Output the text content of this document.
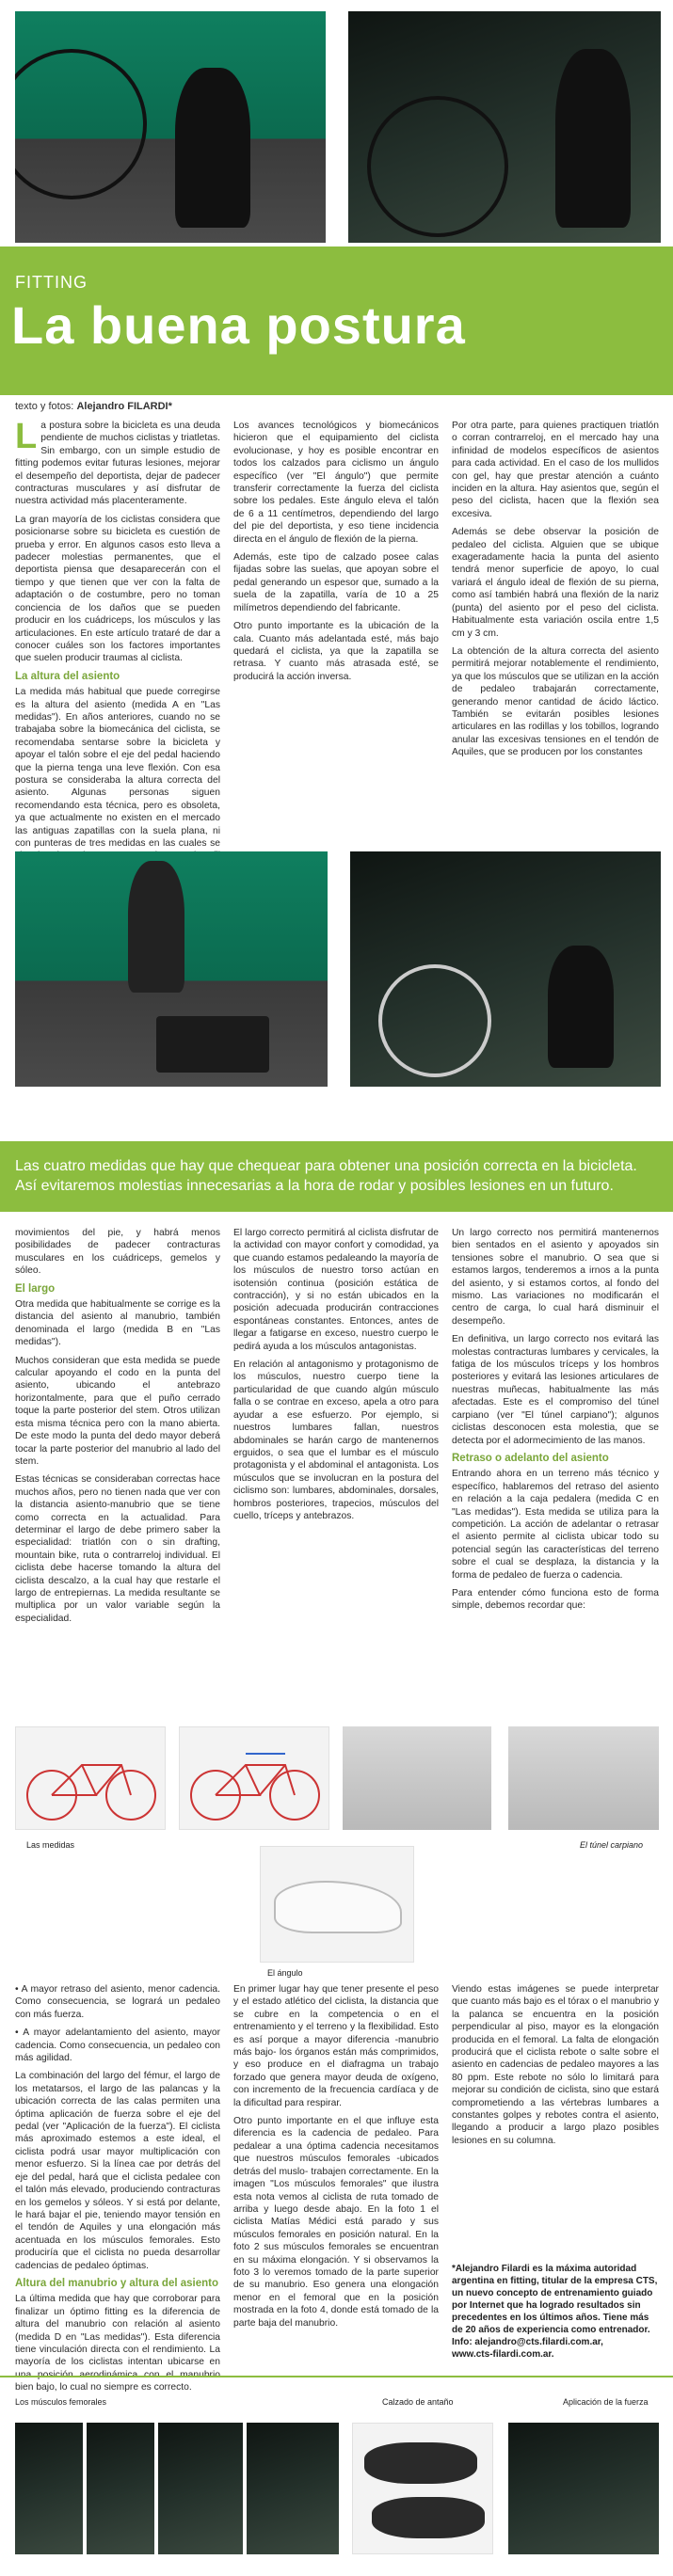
FITTING
La buena postura
texto y fotos: Alejandro FILARDI*

La postura sobre la bicicleta es una deuda pendiente de muchos ciclistas y triatletas. Sin embargo, con un simple estudio de fitting podemos evitar futuras lesiones, mejorar el desempeño del deportista, dejar de padecer contracturas musculares y así disfrutar de nuestra actividad más placenteramente.

La gran mayoría de los ciclistas considera que posicionarse sobre su bicicleta es cuestión de prueba y error. En algunos casos esto lleva a padecer molestias permanentes, que el deportista piensa que desaparecerán con el tiempo y que tienen que ver con la falta de adaptación o de costumbre, pero no toman conciencia de los daños que se pueden producir en los cuádriceps, los músculos y las articulaciones. En este artículo trataré de dar a conocer cuáles son los factores importantes que suelen producir traumas al ciclista.

La altura del asiento

La medida más habitual que puede corregirse es la altura del asiento (medida A en "Las medidas"). En años anteriores, cuando no se trabajaba sobre la biomecánica del ciclista, se recomendaba sentarse sobre la bicicleta y apoyar el talón sobre el eje del pedal haciendo que la pierna tenga una leve flexión. Con esa postura se consideraba la altura correcta del asiento. Algunas personas siguen recomendando esta técnica, pero es obsoleta, ya que actualmente no existen en el mercado las antiguas zapatillas con la suela plana, ni con punteras de tres medidas en las cuales se

Los avances tecnológicos y biomecánicos hicieron que el equipamiento del ciclista evolucionase, y hoy es posible encontrar en todos los calzados para ciclismo un ángulo específico (ver "El ángulo") que permite transferir correctamente la fuerza del ciclista sobre los pedales. Este ángulo eleva el talón de 6 a 11 centímetros, dependiendo del largo del pie del deportista, y eso tiene incidencia directa en el ángulo de flexión de la pierna.

Además, este tipo de calzado posee calas fijadas sobre las suelas, que apoyan sobre el pedal generando un espesor que, sumado a la suela de la zapatilla, varía de 10 a 25 milímetros dependiendo del fabricante.

Otro punto importante es la ubicación de la cala. Cuanto más adelantada esté, más bajo quedará el ciclista, ya que la zapatilla se retrasa. Y cuanto más atrasada esté, se producirá la acción inversa.

Por otra parte, para quienes practiquen triatlón o corran contrarreloj, en el mercado hay una infinidad de modelos específicos de asientos para cada actividad. En el caso de los mullidos con gel, hay que prestar atención a cuánto inciden en la altura. Hay asientos que, según el peso del ciclista, hacen que la flexión sea excesiva.

Además se debe observar la posición de pedaleo del ciclista. Alguien que se ubique exageradamente hacia la punta del asiento tendrá menor superficie de apoyo, lo cual variará el ángulo ideal de flexión de su pierna, como así también habrá una flexión de la nariz (punta) del asiento por el peso del ciclista. Habitualmente esta variación oscila entre 1,5 cm y 3 cm.

La obtención de la altura correcta del asiento permitirá mejorar notablemente el rendimiento, ya que los músculos que se utilizan en la acción de pedaleo trabajarán correctamente, generando menor cantidad de ácido láctico. También se evitarán posibles lesiones articulares en las rodillas y los tobillos, logrando anular las excesivas tensiones en el tendón de Aquiles, que se producen por los constantes

Las cuatro medidas que hay que chequear para obtener una posición correcta en la bicicleta. Así evitaremos molestias innecesarias a la hora de rodar y posibles lesiones en un futuro.

movimientos del pie, y habrá menos posibilidades de padecer contracturas musculares en los cuádriceps, gemelos y sóleo.

El largo

Otra medida que habitualmente se corrige es la distancia del asiento al manubrio, también denominada el largo (medida B en "Las medidas").

Muchos consideran que esta medida se puede calcular apoyando el codo en la punta del asiento, ubicando el antebrazo horizontalmente, para que el puño cerrado toque la parte posterior del stem. Otros utilizan esta misma técnica pero con la mano abierta. De este modo la punta del dedo mayor deberá tocar la parte posterior del manubrio al lado del stem.

Estas técnicas se consideraban correctas hace muchos años, pero no tienen nada que ver con la distancia asiento-manubrio que se tiene como correcta en la actualidad. Para determinar el largo de debe primero saber la especialidad: triatlón con o sin drafting, mountain bike, ruta o contrarreloj individual. El ciclista debe hacerse tomando la altura del ciclista descalzo, a la cual hay que restarle el largo de entrepiernas. La medida resultante se multiplica por un valor variable según la especialidad.

El largo correcto permitirá al ciclista disfrutar de la actividad con mayor confort y comodidad, ya que cuando estamos pedaleando la mayoría de los músculos de nuestro torso actúan en isotensión continua (posición estática de contracción), y si no están ubicados en la posición adecuada producirán contracciones espontáneas constantes. Entonces, antes de llegar a fatigarse en exceso, nuestro cuerpo le pedirá ayuda a los músculos antagonistas.

En relación al antagonismo y protagonismo de los músculos, nuestro cuerpo tiene la particularidad de que cuando algún músculo falla o se contrae en exceso, apela a otro para ayudar a ese esfuerzo. Por ejemplo, si nuestros lumbares fallan, nuestros abdominales se harán cargo de mantenernos erguidos, o sea que el lumbar es el músculo protagonista y el abdominal el antagonista. Los músculos que se involucran en la postura del ciclismo son: lumbares, abdominales, dorsales, hombros posteriores, trapecios, músculos del cuello, tríceps y antebrazos.

Un largo correcto nos permitirá mantenernos bien sentados en el asiento y apoyados sin tensiones sobre el manubrio. O sea que si estamos largos, tenderemos a irnos a la punta del asiento, y si estamos cortos, al fondo del mismo. Las variaciones no modificarán el centro de carga, lo cual hará disminuir el desempeño.

En definitiva, un largo correcto nos evitará las molestas contracturas lumbares y cervicales, la fatiga de los músculos tríceps y los hombros posteriores y evitará las lesiones articulares de nuestras muñecas, habitualmente las más afectadas. Este es el compromiso del túnel carpiano (ver "El túnel carpiano"); algunos ciclistas desconocen esta molestia, que se detecta por el adormecimiento de las manos.

Retraso o adelanto del asiento

Entrando ahora en un terreno más técnico y específico, hablaremos del retraso del asiento en relación a la caja pedalera (medida C en "Las medidas"). Esta medida se utiliza para la competición. La acción de adelantar o retrasar el asiento permite al ciclista ubicar todo su potencial según las características del terreno sobre el cual se desplaza, la distancia y la forma de pedaleo de fuerza o cadencia.

Para entender cómo funciona esto de forma simple, debemos recordar que:

Las medidas	El túnel carpiano
El ángulo

• A mayor retraso del asiento, menor cadencia. Como consecuencia, se logrará un pedaleo con más fuerza.

• A mayor adelantamiento del asiento, mayor cadencia. Como consecuencia, un pedaleo con más agilidad.

La combinación del largo del fémur, el largo de los metatarsos, el largo de las palancas y la ubicación correcta de las calas permiten una óptima aplicación de fuerza sobre el eje del pedal (ver "Aplicación de la fuerza"). El ciclista más aproximado estemos a este ideal, el ciclista podrá usar mayor multiplicación con menor esfuerzo. Si la línea cae por detrás del eje del pedal, hará que el ciclista pedalee con el talón más elevado, produciendo contracturas en los gemelos y sóleos. Y si está por delante, le hará bajar el pie, teniendo mayor tensión en el tendón de Aquiles y una elongación más acentuada en los músculos femorales. Esto produciría que el ciclista no pueda desarrollar cadencias de pedaleo óptimas.

Altura del manubrio y altura del asiento

La última medida que hay que corroborar para finalizar un óptimo fitting es la diferencia de altura del manubrio con relación al asiento (medida D en "Las medidas"). Esta diferencia tiene vinculación directa con el rendimiento. La mayoría de los ciclistas intentan ubicarse en bien bajo, lo cual no siempre es correcto.

En primer lugar hay que tener presente el peso y el estado atlético del ciclista, la distancia que se cubre en la competencia o en el entrenamiento y el terreno y la flexibilidad. Esto es así porque a mayor diferencia -manubrio más bajo- los órganos están más comprimidos, y eso produce en el diafragma un trabajo forzado que genera mayor deuda de oxígeno, con incremento de la frecuencia cardíaca y de la dificultad para respirar.

Otro punto importante en el que influye esta diferencia es la cadencia de pedaleo. Para pedalear a una óptima cadencia necesitamos que nuestros músculos femorales -ubicados detrás del muslo- trabajen correctamente. En la imagen "Los músculos femorales" que ilustra esta nota vemos al ciclista de ruta tomado de arriba y luego desde abajo. En la foto 1 el ciclista Matías Médici está parado y sus músculos femorales en posición natural. En la foto 2 sus músculos femorales se encuentran en su máxima elongación. Y si observamos la foto 3 lo veremos tomado de la parte superior de su manubrio. Eso genera una elongación menor en el femoral que en la posición mostrada en la foto 4, donde está tomado de la parte baja del manubrio.

Viendo estas imágenes se puede interpretar que cuanto más bajo es el tórax o el manubrio y la palanca se encuentra en la posición perpendicular al piso, mayor es la elongación producida en el femoral. La falta de elongación producirá que el ciclista rebote o salte sobre el asiento en cadencias de pedaleo mayores a las 80 ppm. Este rebote no sólo lo limitará para mejorar su condición de ciclista, sino que estará comprometiendo a las vértebras lumbares a constantes golpes y rebotes contra el asiento, llegando a producir a largo plazo posibles lesiones en su columna.

*Alejandro Filardi es la máxima autoridad argentina en fitting, titular de la empresa CTS, un nuevo concepto de entrenamiento guiado por Internet que ha logrado resultados sin precedentes en los últimos años. Tiene más de 20 años de experiencia como entrenador.

Info: alejandro@cts.filardi.com.ar,

www.cts-filardi.com.ar.

Los músculos femorales	Calzado de antaño	Aplicación de la fuerza
